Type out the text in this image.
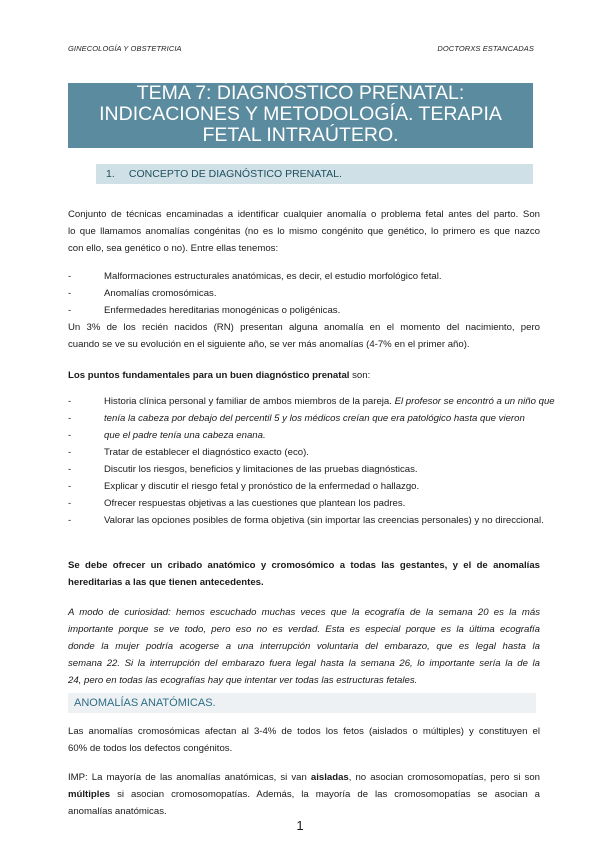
GINECOLOGÍA Y OBSTETRICIA	DOCTORXS ESTANCADAS
TEMA 7: DIAGNÓSTICO PRENATAL:
INDICACIONES Y METODOLOGÍA. TERAPIA
FETAL INTRAÚTERO.
1. CONCEPTO DE DIAGNÓSTICO PRENATAL.
Conjunto de técnicas encaminadas a identificar cualquier anomalía o problema fetal antes del parto. Son
lo que llamamos anomalías congénitas (no es lo mismo congénito que genético, lo primero es que nazco
con ello, sea genético o no). Entre ellas tenemos:
-	Malformaciones estructurales anatómicas, es decir, el estudio morfológico fetal.
-	Anomalías cromosómicas.
-	Enfermedades hereditarias monogénicas o poligénicas.
Un 3% de los recién nacidos (RN) presentan alguna anomalía en el momento del nacimiento, pero
cuando se ve su evolución en el siguiente año, se ver más anomalías (4-7% en el primer año).
Los puntos fundamentales para un buen diagnóstico prenatal son:
-	Historia clínica personal y familiar de ambos miembros de la pareja. El profesor se encontró a un niño que
-	tenía la cabeza por debajo del percentil 5 y los médicos creían que era patológico hasta que vieron
-	que el padre tenía una cabeza enana.
-	Tratar de establecer el diagnóstico exacto (eco).
-	Discutir los riesgos, beneficios y limitaciones de las pruebas diagnósticas.
-	Explicar y discutir el riesgo fetal y pronóstico de la enfermedad o hallazgo.
-	Ofrecer respuestas objetivas a las cuestiones que plantean los padres.
-	Valorar las opciones posibles de forma objetiva (sin importar las creencias personales) y no direccional.
Se debe ofrecer un cribado anatómico y cromosómico a todas las gestantes, y el de anomalías
hereditarias a las que tienen antecedentes.
A modo de curiosidad: hemos escuchado muchas veces que la ecografía de la semana 20 es la más
importante porque se ve todo, pero eso no es verdad. Esta es especial porque es la última ecografía
donde la mujer podría acogerse a una interrupción voluntaria del embarazo, que es legal hasta la
semana 22. Si la interrupción del embarazo fuera legal hasta la semana 26, lo importante sería la de la
24, pero en todas las ecografías hay que intentar ver todas las estructuras fetales.
ANOMALÍAS ANATÓMICAS.
Las anomalías cromosómicas afectan al 3-4% de todos los fetos (aislados o múltiples) y constituyen el
60% de todos los defectos congénitos.
IMP: La mayoría de las anomalías anatómicas, si van aisladas, no asocian cromosomopatías, pero si son
múltiples si asocian cromosomopatías. Además, la mayoría de las cromosomopatías se asocian a
anomalías anatómicas.
1
